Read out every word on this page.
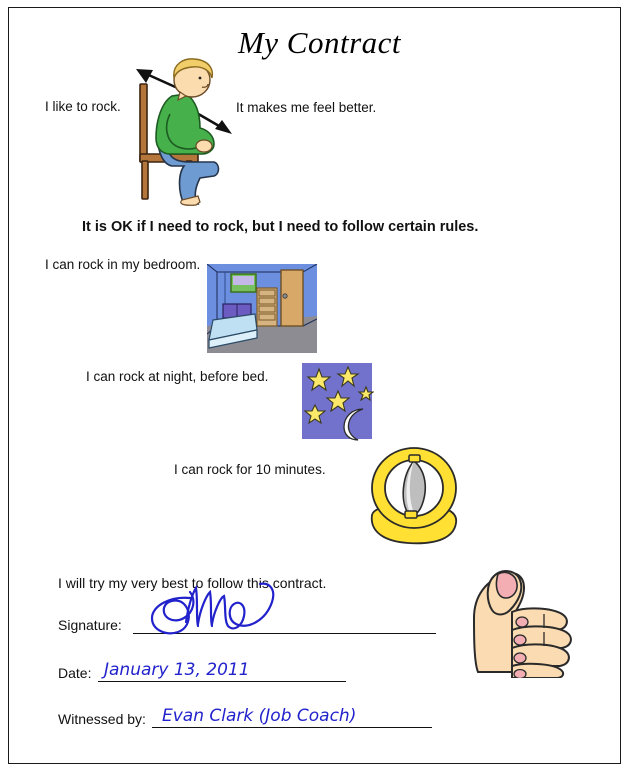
My Contract
I like to rock.	It makes me feel better.
It is OK if I need to rock, but I need to follow certain rules.
I can rock in my bedroom.
I can rock at night, before bed.
I can rock for 10 minutes.
I will try my very best to follow this contract.
Signature:
Date: January 13, 2011
Witnessed by: Evan Clark (Job Coach)
